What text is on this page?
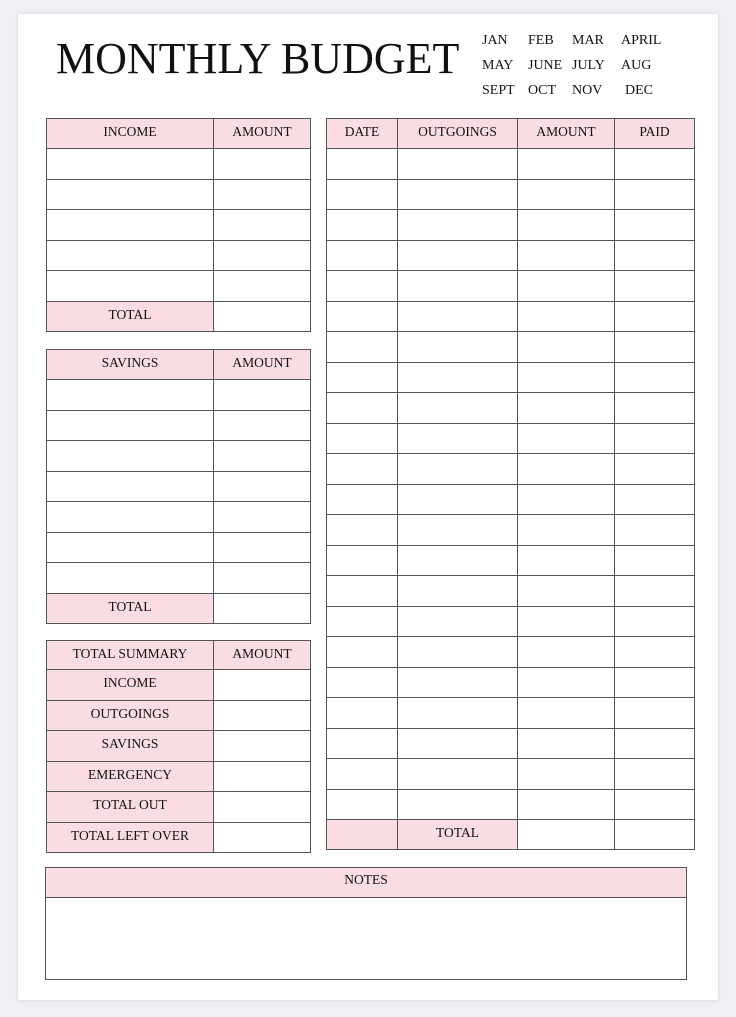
MONTHLY BUDGET JAN	FEB	MAR	APRIL
MAY	JUNE JULY	AUG
SEPT OCT	NOV	DEC
INCOME	AMOUNT

TOTAL	
SAVINGS	AMOUNT

TOTAL	
TOTAL SUMMARY	AMOUNT
INCOME	
OUTGOINGS	
SAVINGS	
EMERGENCY	
TOTAL OUT	
TOTAL LEFT OVER	
DATE	OUTGOINGS	AMOUNT	PAID

	TOTAL		
NOTES
